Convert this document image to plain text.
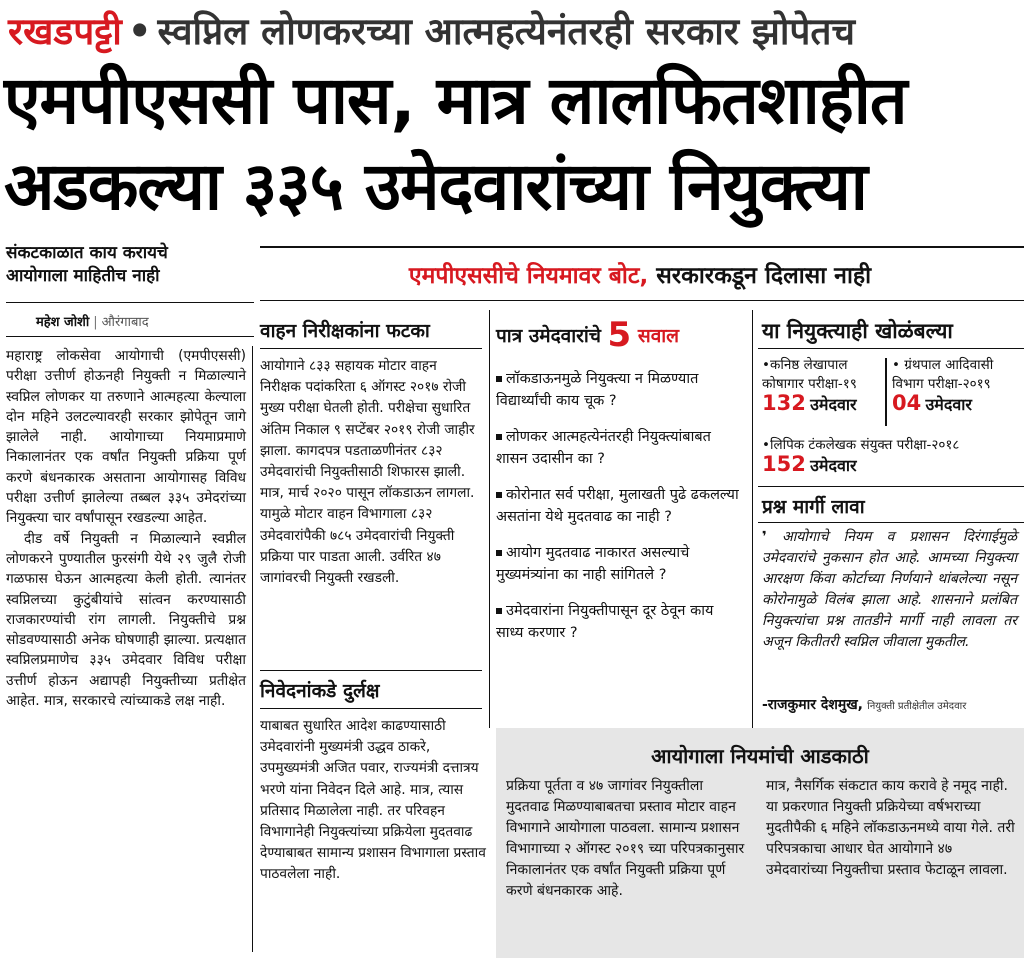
रखडपट्टी • स्वप्निल लोणकरच्या आत्महत्येनंतरही सरकार झोपेतच
एमपीएससी पास, मात्र लालफितशाहीत
अडकल्या ३३५ उमेदवारांच्या नियुक्त्या
संकटकाळात काय करायचे
आयोगाला माहितीच नाही
महेश जोशी | औरंगाबाद
एमपीएससीचे नियमावर बोट, सरकारकडून दिलासा नाही

महाराष्ट्र लोकसेवा आयोगाची (एमपीएससी) परीक्षा उत्तीर्ण होऊनही नियुक्ती न मिळाल्याने स्वप्निल लोणकर या तरुणाने आत्महत्या केल्याला दोन महिने उलटल्यावरही सरकार झोपेतून जागे झालेले नाही. आयोगाच्या नियमाप्रमाणे निकालानंतर एक वर्षांत नियुक्ती प्रक्रिया पूर्ण करणे बंधनकारक असताना आयोगासह विविध परीक्षा उत्तीर्ण झालेल्या तब्बल ३३५ उमेदरांच्या नियुक्त्या चार वर्षांपासून रखडल्या आहेत.

दीड वर्षे नियुक्ती न मिळाल्याने स्वप्नील लोणकरने पुण्यातील फुरसंगी येथे २९ जुलै रोजी गळफास घेऊन आत्महत्या केली होती. त्यानंतर स्वप्निलच्या कुटुंबीयांचे सांत्वन करण्यासाठी राजकारण्यांची रांग लागली. नियुक्तीचे प्रश्न सोडवण्यासाठी अनेक घोषणाही झाल्या. प्रत्यक्षात स्वप्निलप्रमाणेच ३३५ उमेदवार विविध परीक्षा उत्तीर्ण होऊन अद्यापही नियुक्तीच्या प्रतीक्षेत आहेत. मात्र, सरकारचे त्यांच्याकडे लक्ष नाही.

वाहन निरीक्षकांना फटका
आयोगाने ८३३ सहायक मोटार वाहन निरीक्षक पदांकरिता ६ ऑगस्ट २०१७ रोजी मुख्य परीक्षा घेतली होती. परीक्षेचा सुधारित अंतिम निकाल ९ सप्टेंबर २०१९ रोजी जाहीर झाला. कागदपत्र पडताळणीनंतर ८३२ उमेदवारांची नियुक्तीसाठी शिफारस झाली. मात्र, मार्च २०२० पासून लॉकडाऊन लागला. यामुळे मोटार वाहन विभागाला ८३२ उमेदवारांपैकी ७८५ उमेदवारांची नियुक्ती प्रक्रिया पार पाडता आली. उर्वरित ४७ जागांवरची नियुक्ती रखडली.
निवेदनांकडे दुर्लक्ष
याबाबत सुधारित आदेश काढण्यासाठी उमेदवारांनी मुख्यमंत्री उद्धव ठाकरे, उपमुख्यमंत्री अजित पवार, राज्यमंत्री दत्तात्रय भरणे यांना निवेदन दिले आहे. मात्र, त्यास प्रतिसाद मिळालेला नाही. तर परिवहन विभागानेही नियुक्त्यांच्या प्रक्रियेला मुदतवाढ देण्याबाबत सामान्य प्रशासन विभागाला प्रस्ताव पाठवलेला नाही.
पात्र उमेदवारांचे 5 सवाल
लॉकडाऊनमुळे नियुक्त्या न मिळण्यात विद्यार्थ्यांची काय चूक ?
लोणकर आत्महत्येनंतरही नियुक्त्यांबाबत शासन उदासीन का ?
कोरोनात सर्व परीक्षा, मुलाखती पुढे ढकलल्या असतांना येथे मुदतवाढ का नाही ?
आयोग मुदतवाढ नाकारत असल्याचे मुख्यमंत्र्यांना का नाही सांगितले ?
उमेदवारांना नियुक्तीपासून दूर ठेवून काय साध्य करणार ?
या नियुक्त्याही खोळंबल्या
•कनिष्ठ लेखापाल
कोषागार परीक्षा-१९
132 उमेदवार
• ग्रंथपाल आदिवासी
विभाग परीक्षा-२०१९
04 उमेदवार
•लिपिक टंकलेखक संयुक्त परीक्षा-२०१८
152 उमेदवार
प्रश्न मार्गी लावा
❜ आयोगाचे नियम व प्रशासन दिरंगाईमुळे उमेदवारांचे नुकसान होत आहे. आमच्या नियुक्त्या आरक्षण किंवा कोर्टाच्या निर्णयाने थांबलेल्या नसून कोरोनामुळे विलंब झाला आहे. शासनाने प्रलंबित नियुक्त्यांचा प्रश्न तातडीने मार्गी नाही लावला तर अजून कितीतरी स्वप्निल जीवाला मुकतील.
-राजकुमार देशमुख, नियुक्ती प्रतीक्षेतील उमेदवार
आयोगाला नियमांची आडकाठी
प्रक्रिया पूर्तता व ४७ जागांवर नियुक्तीला मुदतवाढ मिळण्याबाबतचा प्रस्ताव मोटार वाहन विभागाने आयोगाला पाठवला. सामान्य प्रशासन विभागाच्या २ ऑगस्ट २०१९ च्या परिपत्रकानुसार निकालानंतर एक वर्षांत नियुक्ती प्रक्रिया पूर्ण करणे बंधनकारक आहे.
मात्र, नैसर्गिक संकटात काय करावे हे नमूद नाही. या प्रकरणात नियुक्ती प्रक्रियेच्या वर्षभराच्या मुदतीपैकी ६ महिने लॉकडाऊनमध्ये वाया गेले. तरी परिपत्रकाचा आधार घेत आयोगाने ४७ उमेदवारांच्या नियुक्तीचा प्रस्ताव फेटाळून लावला.
